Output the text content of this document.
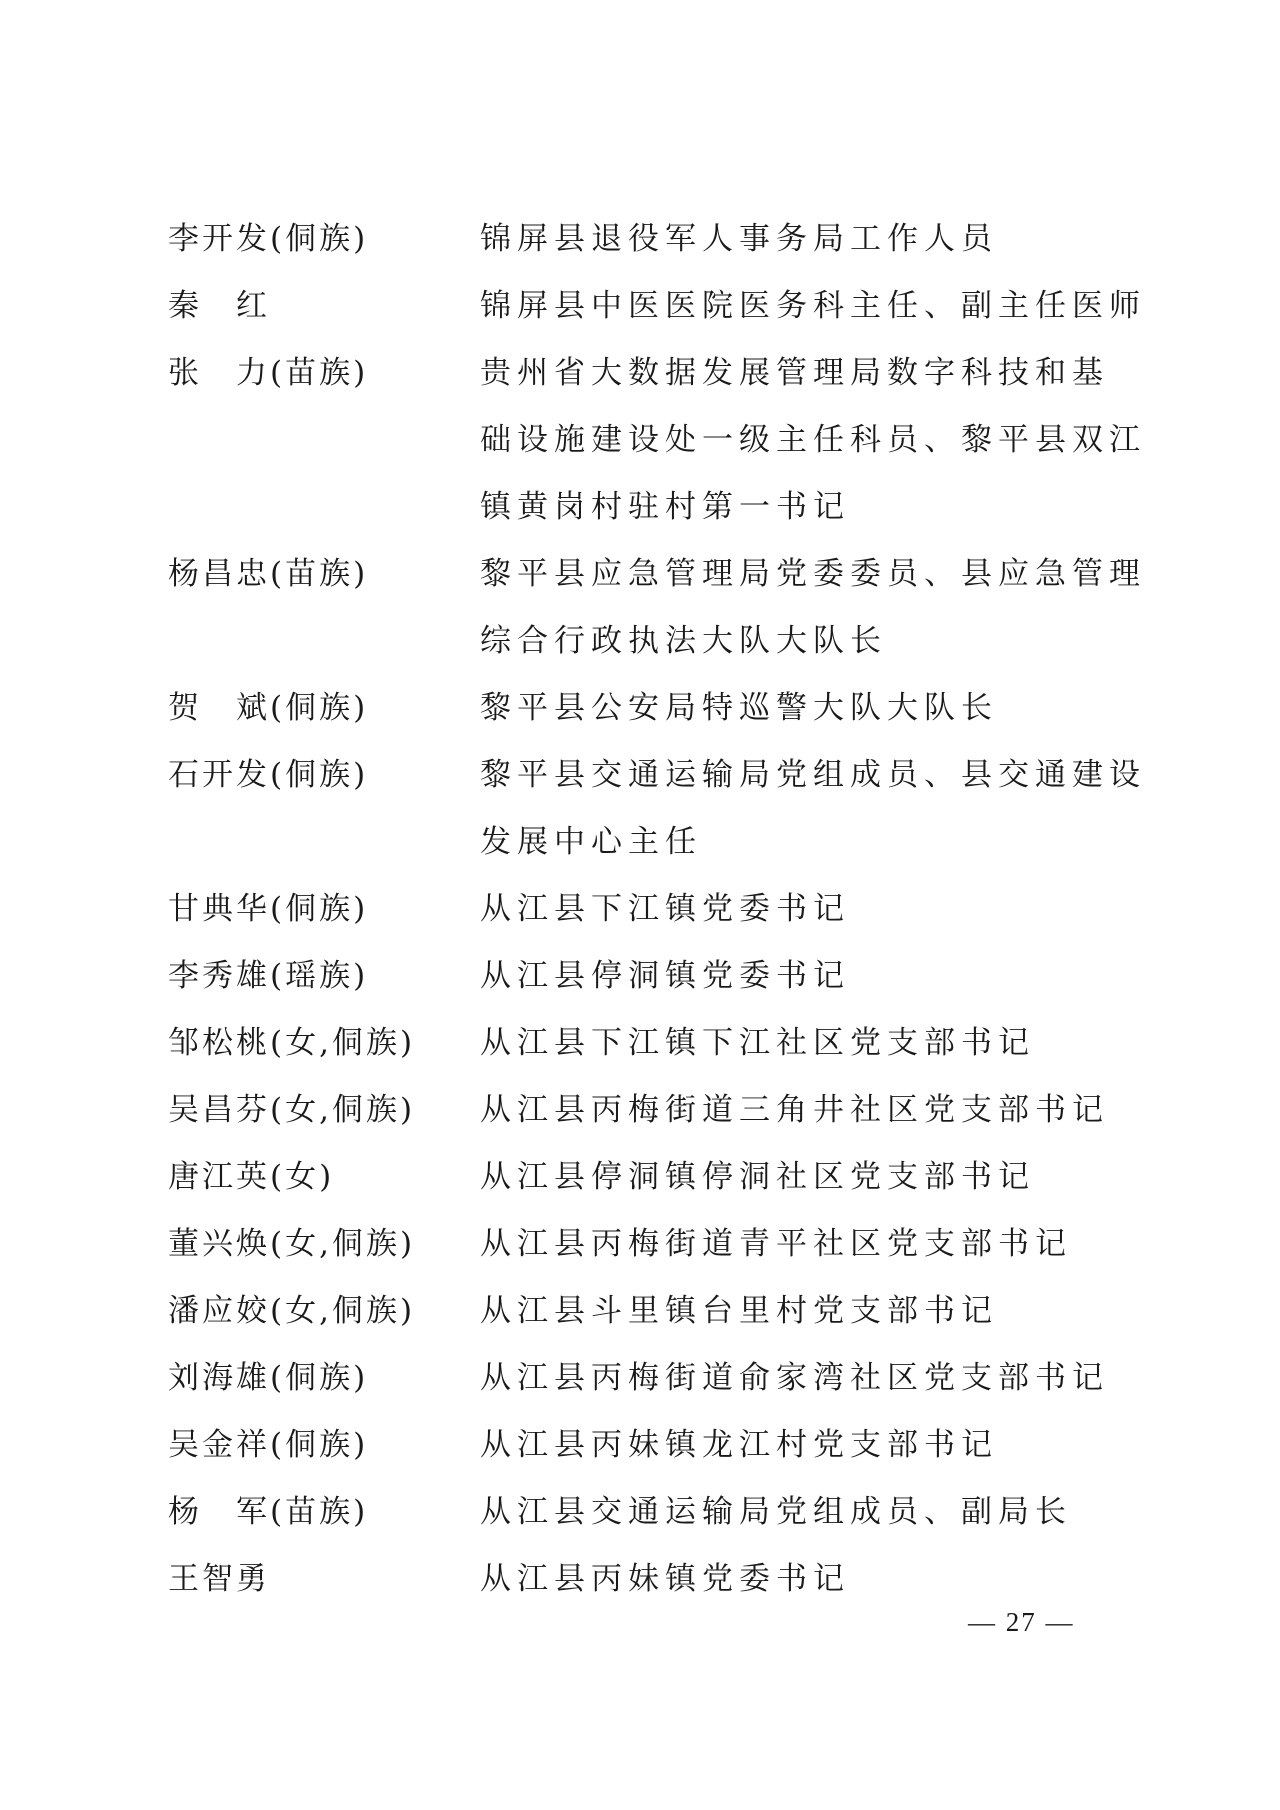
李开发(侗族)	锦屏县退役军人事务局工作人员
秦　红	锦屏县中医医院医务科主任、副主任医师
张　力(苗族)	贵州省大数据发展管理局数字科技和基
础设施建设处一级主任科员、黎平县双江
镇黄岗村驻村第一书记
杨昌忠(苗族)	黎平县应急管理局党委委员、县应急管理
综合行政执法大队大队长
贺　斌(侗族)	黎平县公安局特巡警大队大队长
石开发(侗族)	黎平县交通运输局党组成员、县交通建设
发展中心主任
甘典华(侗族)	从江县下江镇党委书记
李秀雄(瑶族)	从江县停洞镇党委书记
邹松桃(女,侗族)	从江县下江镇下江社区党支部书记
吴昌芬(女,侗族)	从江县丙梅街道三角井社区党支部书记
唐江英(女)	从江县停洞镇停洞社区党支部书记
董兴焕(女,侗族)	从江县丙梅街道青平社区党支部书记
潘应姣(女,侗族)	从江县斗里镇台里村党支部书记
刘海雄(侗族)	从江县丙梅街道俞家湾社区党支部书记
吴金祥(侗族)	从江县丙妹镇龙江村党支部书记
杨　军(苗族)	从江县交通运输局党组成员、副局长
王智勇	从江县丙妹镇党委书记
— 27 —
